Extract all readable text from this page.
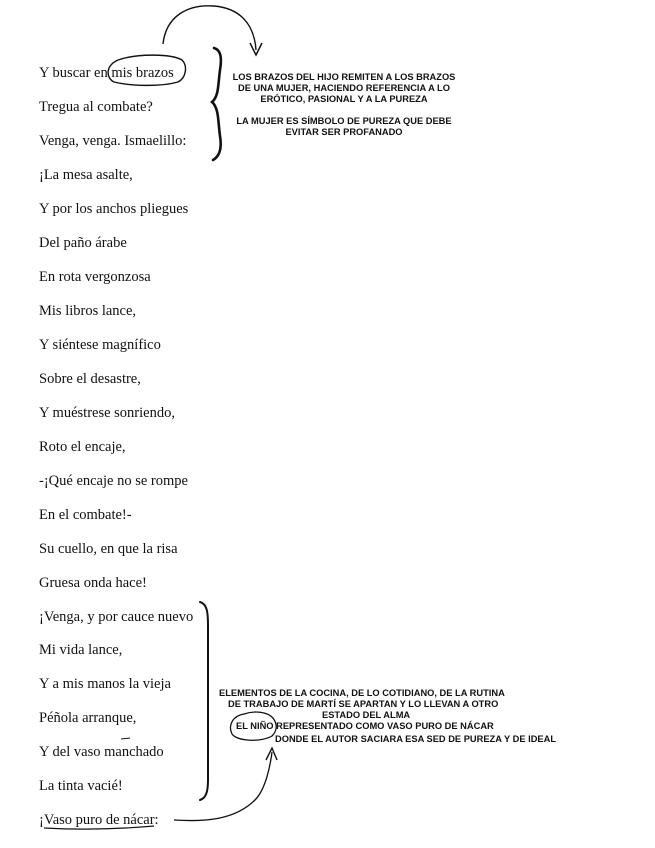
Y buscar en mis brazos
Tregua al combate?
Venga, venga. Ismaelillo:
¡La mesa asalte,
Y por los anchos pliegues
Del paño árabe
En rota vergonzosa
Mis libros lance,
Y siéntese magnífico
Sobre el desastre,
Y muéstrese sonriendo,
Roto el encaje,
-¡Qué encaje no se rompe
En el combate!-
Su cuello, en que la risa
Gruesa onda hace!
¡Venga, y por cauce nuevo
Mi vida lance,
Y a mis manos la vieja
Péñola arranque,
Y del vaso manchado
La tinta vacié!
¡Vaso puro de nácar:
LOS BRAZOS DEL HIJO REMITEN A LOS BRAZOS
DE UNA MUJER, HACIENDO REFERENCIA A LO
ERÓTICO, PASIONAL Y A LA PUREZA
LA MUJER ES SÍMBOLO DE PUREZA QUE DEBE
EVITAR SER PROFANADO
ELEMENTOS DE LA COCINA, DE LO COTIDIANO, DE LA RUTINA
DE TRABAJO DE MARTÍ SE APARTAN Y LO LLEVAN A OTRO
ESTADO DEL ALMA
EL NIÑO REPRESENTADO COMO VASO PURO DE NÁCAR
DONDE EL AUTOR SACIARA ESA SED DE PUREZA Y DE IDEAL
